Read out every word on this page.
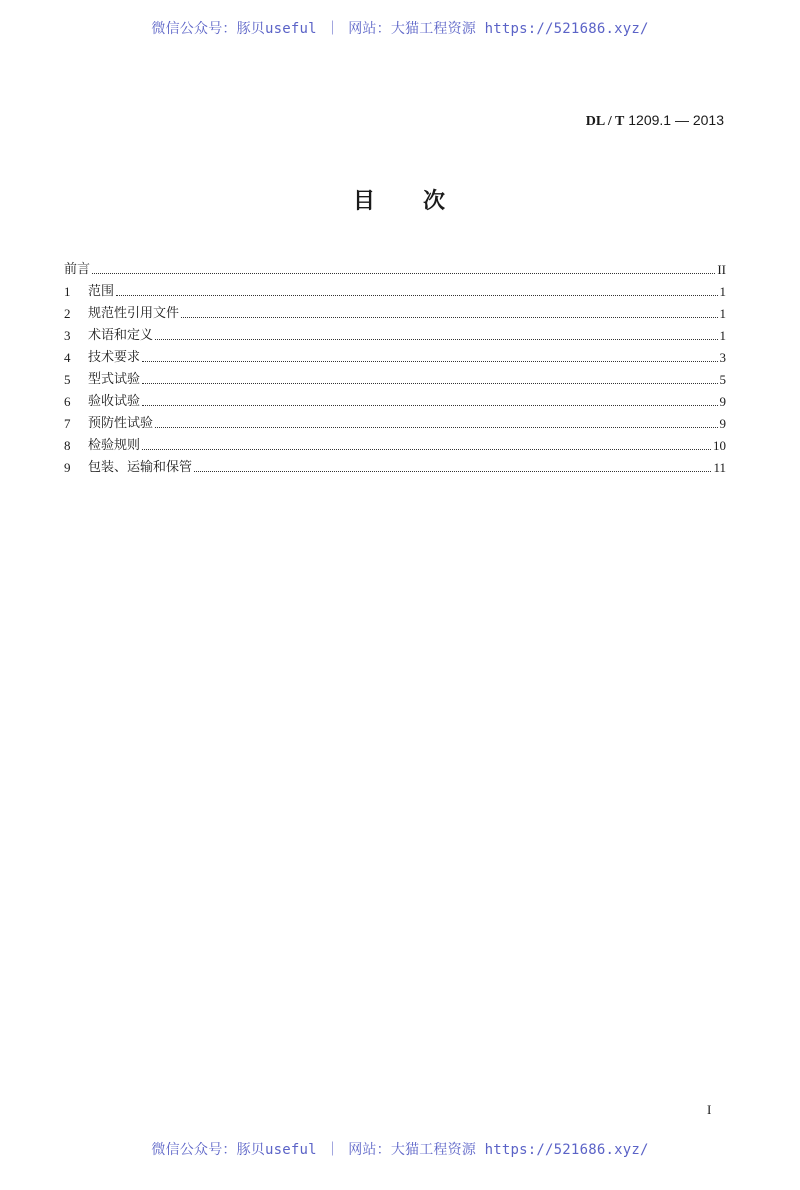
微信公众号：豚贝useful ｜ 网站：大猫工程资源 https://521686.xyz/
DL / T 1209.1 — 2013
目 次
前言	II
1	范围	1
2	规范性引用文件	1
3	术语和定义	1
4	技术要求	3
5	型式试验	5
6	验收试验	9
7	预防性试验	9
8	检验规则	10
9	包装、运输和保管	11
I
微信公众号：豚贝useful ｜ 网站：大猫工程资源 https://521686.xyz/
